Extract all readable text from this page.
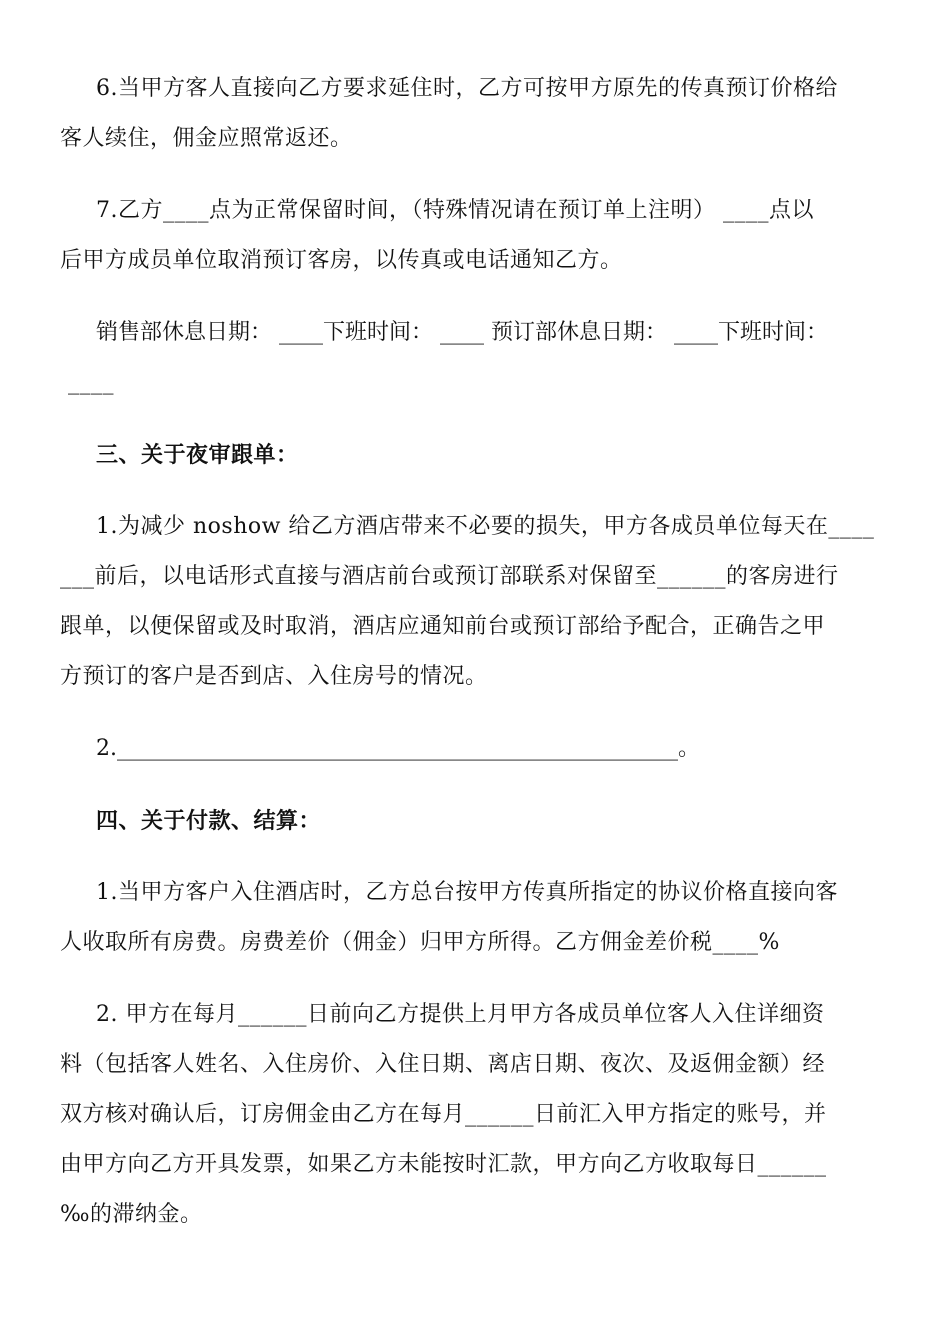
6.当甲方客人直接向乙方要求延住时，乙方可按甲方原先的传真预订价格给
客人续住，佣金应照常返还。
7.乙方____点为正常保留时间，（特殊情况请在预订单上注明） ____点以
后甲方成员单位取消预订客房，以传真或电话通知乙方。
销售部休息日期： ____下班时间： ____ 预订部休息日期： ____下班时间：
____
三、关于夜审跟单：
1.为减少 noshow 给乙方酒店带来不必要的损失，甲方各成员单位每天在____
___前后，以电话形式直接与酒店前台或预订部联系对保留至______的客房进行
跟单，以便保留或及时取消，酒店应通知前台或预订部给予配合，正确告之甲
方预订的客户是否到店、入住房号的情况。
2.___________________________________________________。
四、关于付款、结算：
1.当甲方客户入住酒店时，乙方总台按甲方传真所指定的协议价格直接向客
人收取所有房费。房费差价（佣金）归甲方所得。乙方佣金差价税____%
2. 甲方在每月______日前向乙方提供上月甲方各成员单位客人入住详细资
料（包括客人姓名、入住房价、入住日期、离店日期、夜次、及返佣金额）经
双方核对确认后，订房佣金由乙方在每月______日前汇入甲方指定的账号，并
由甲方向乙方开具发票，如果乙方未能按时汇款，甲方向乙方收取每日______
‰的滞纳金。
